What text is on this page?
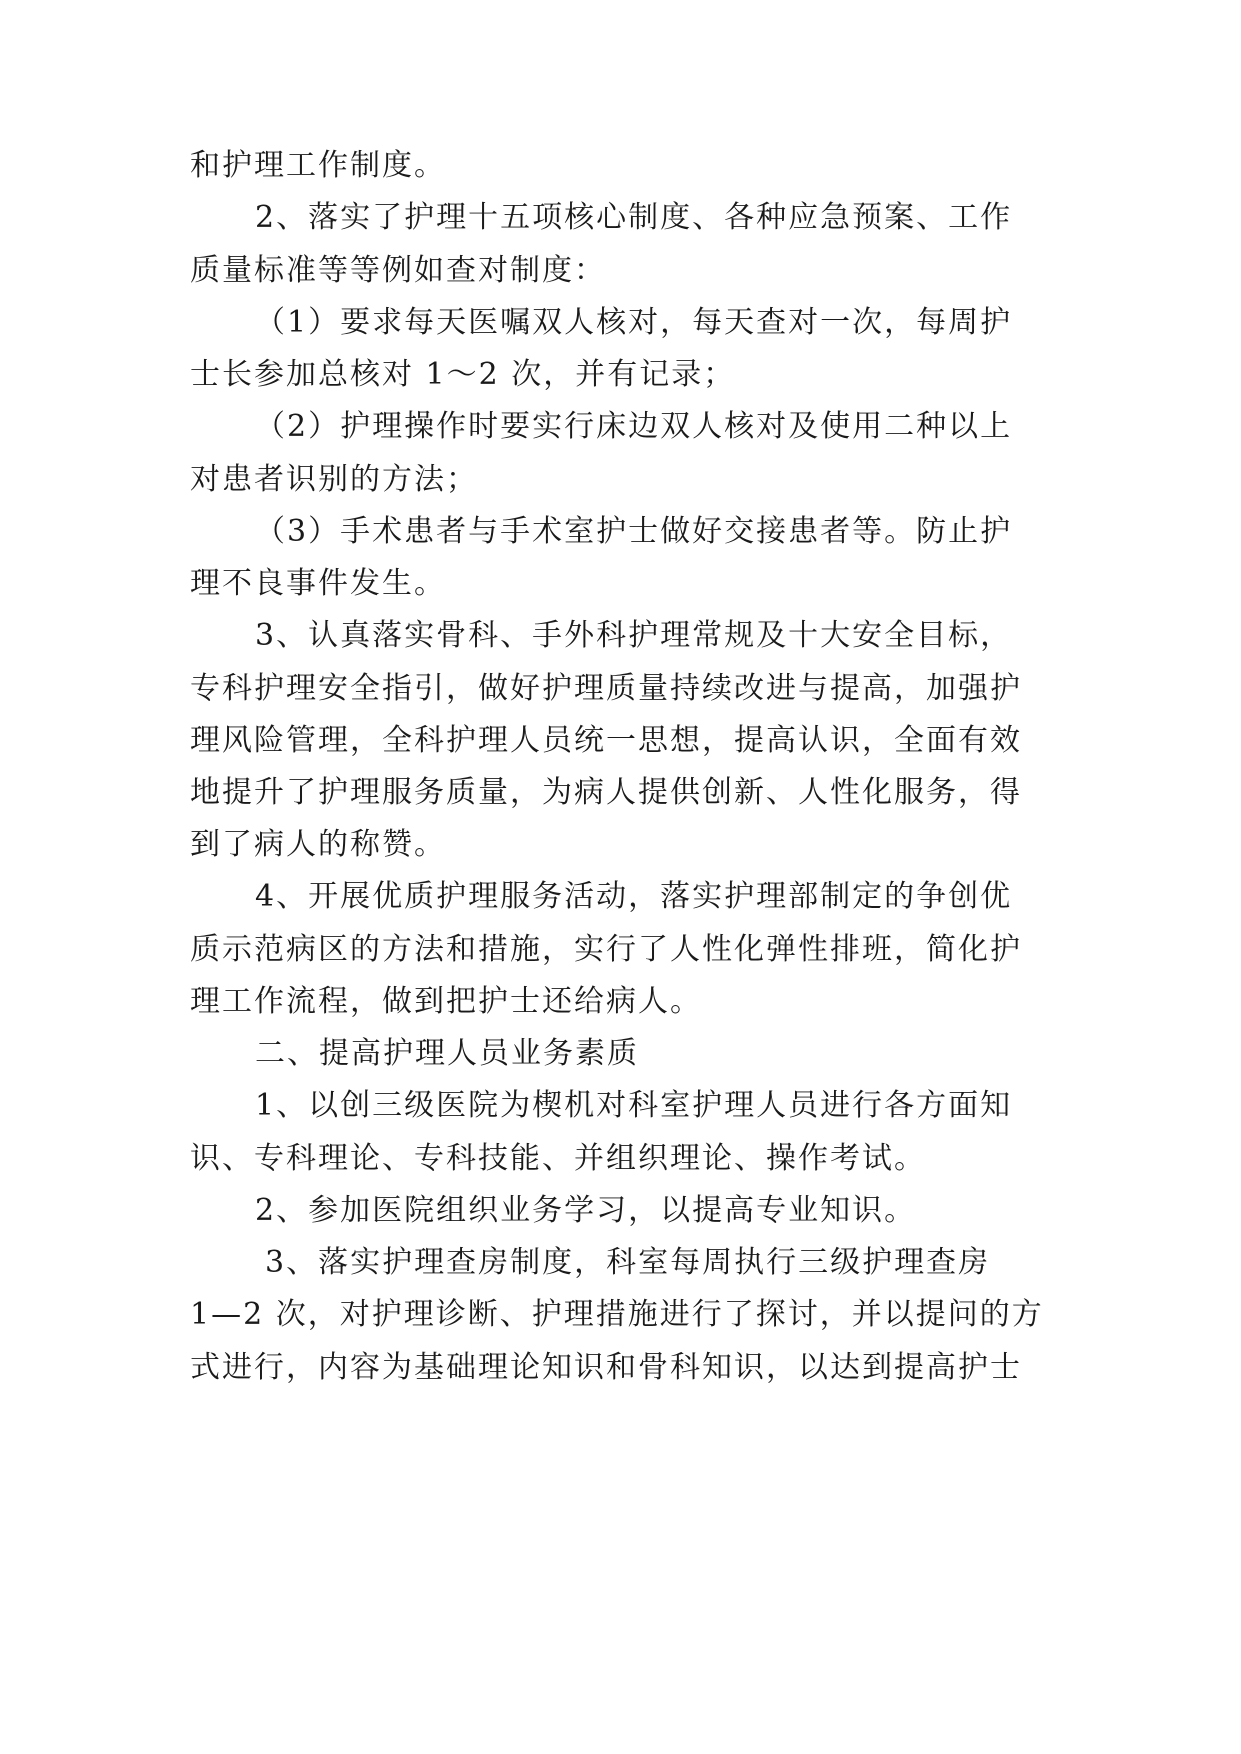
和护理工作制度。
2、落实了护理十五项核心制度、各种应急预案、工作
质量标准等等例如查对制度：
（1）要求每天医嘱双人核对，每天查对一次，每周护
士长参加总核对 1～2 次，并有记录；
（2）护理操作时要实行床边双人核对及使用二种以上
对患者识别的方法；
（3）手术患者与手术室护士做好交接患者等。防止护
理不良事件发生。
3、认真落实骨科、手外科护理常规及十大安全目标，
专科护理安全指引，做好护理质量持续改进与提高，加强护
理风险管理，全科护理人员统一思想，提高认识，全面有效
地提升了护理服务质量，为病人提供创新、人性化服务，得
到了病人的称赞。
4、开展优质护理服务活动，落实护理部制定的争创优
质示范病区的方法和措施，实行了人性化弹性排班，简化护
理工作流程，做到把护士还给病人。
二、提高护理人员业务素质
1、以创三级医院为楔机对科室护理人员进行各方面知
识、专科理论、专科技能、并组织理论、操作考试。
2、参加医院组织业务学习，以提高专业知识。
3、落实护理查房制度，科室每周执行三级护理查房
1—2 次，对护理诊断、护理措施进行了探讨，并以提问的方
式进行，内容为基础理论知识和骨科知识，以达到提高护士
